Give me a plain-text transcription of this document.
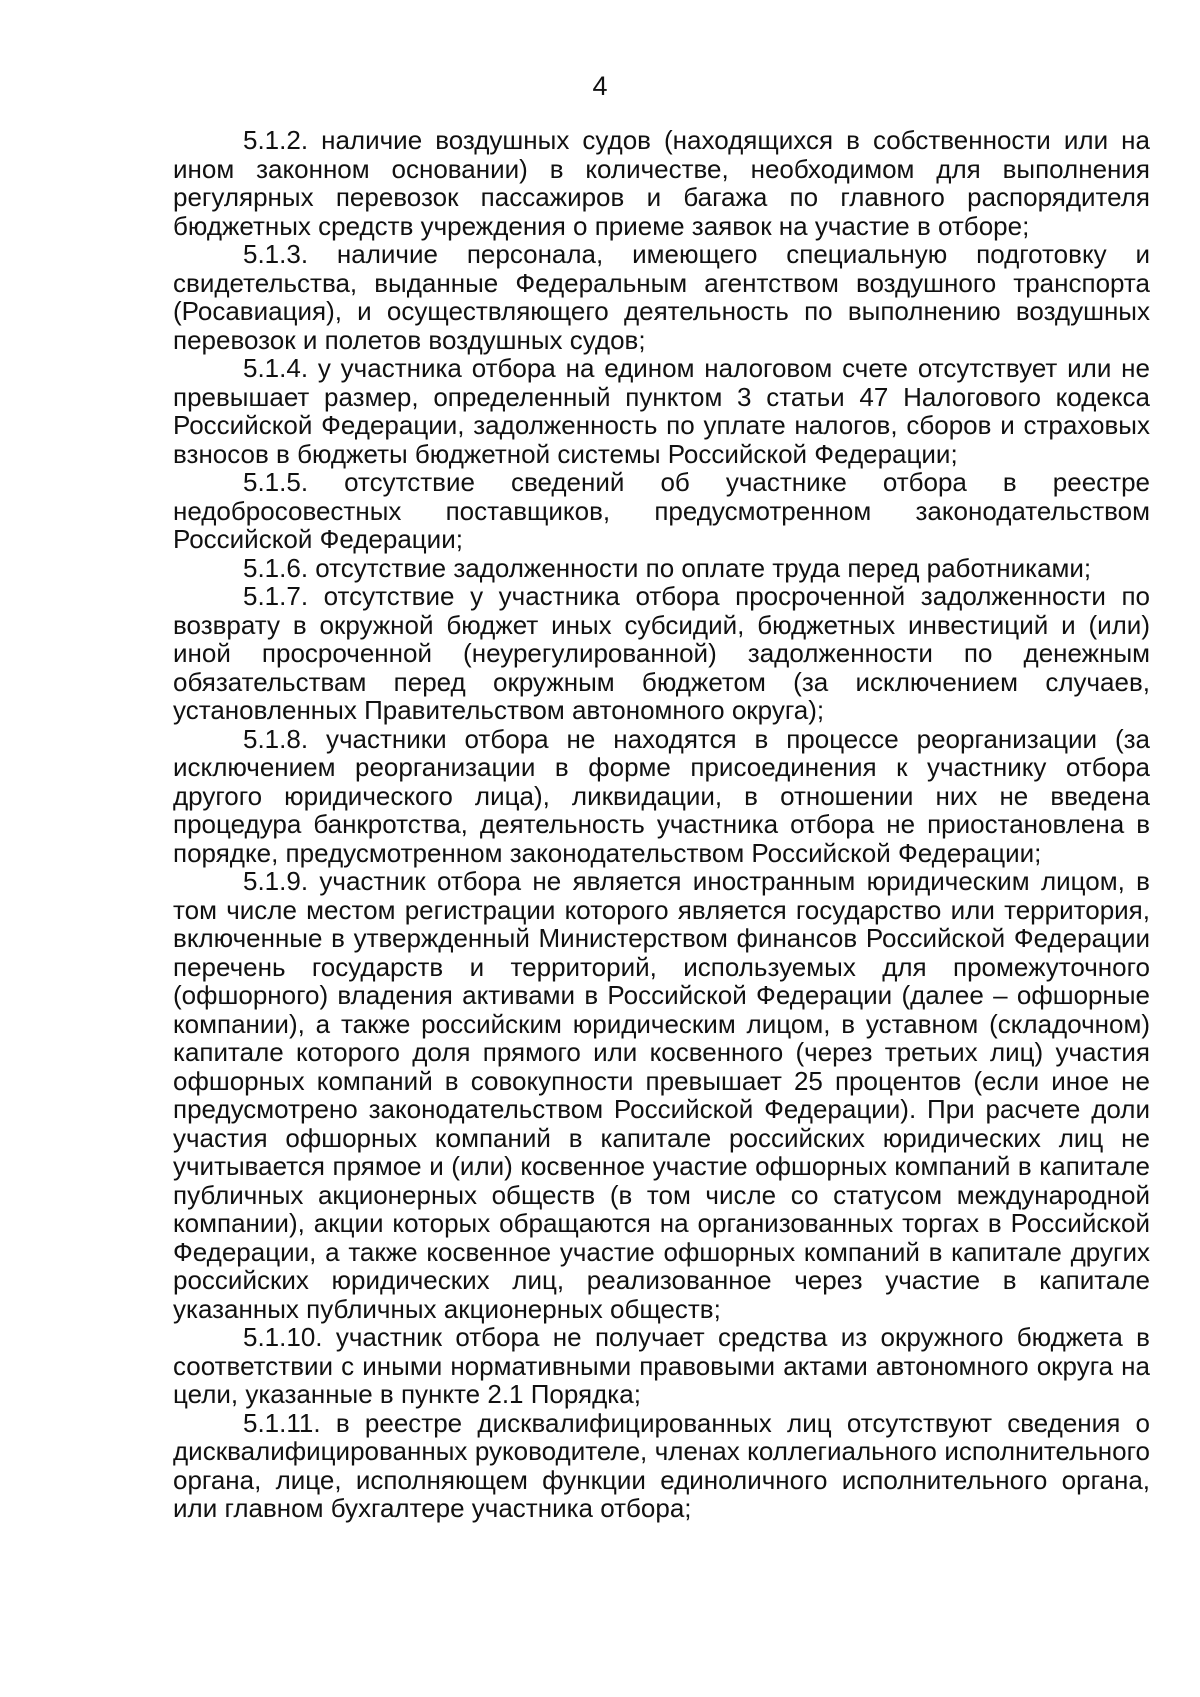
4

5.1.2. наличие воздушных судов (находящихся в собственности или на ином законном основании) в количестве, необходимом для выполнения регулярных перевозок пассажиров и багажа по главного распорядителя бюджетных средств учреждения о приеме заявок на участие в отборе;

5.1.3. наличие персонала, имеющего специальную подготовку и свидетельства, выданные Федеральным агентством воздушного транспорта (Росавиация), и осуществляющего деятельность по выполнению воздушных перевозок и полетов воздушных судов;

5.1.4. у участника отбора на едином налоговом счете отсутствует или не превышает размер, определенный пунктом 3 статьи 47 Налогового кодекса Российской Федерации, задолженность по уплате налогов, сборов и страховых взносов в бюджеты бюджетной системы Российской Федерации;

5.1.5. отсутствие сведений об участнике отбора в реестре недобросовестных поставщиков, предусмотренном законодательством Российской Федерации;

5.1.6. отсутствие задолженности по оплате труда перед работниками;

5.1.7. отсутствие у участника отбора просроченной задолженности по возврату в окружной бюджет иных субсидий, бюджетных инвестиций и (или) иной просроченной (неурегулированной) задолженности по денежным обязательствам перед окружным бюджетом (за исключением случаев, установленных Правительством автономного округа);

5.1.8. участники отбора не находятся в процессе реорганизации (за исключением реорганизации в форме присоединения к участнику отбора другого юридического лица), ликвидации, в отношении них не введена процедура банкротства, деятельность участника отбора не приостановлена в порядке, предусмотренном законодательством Российской Федерации;

5.1.9. участник отбора не является иностранным юридическим лицом, в том числе местом регистрации которого является государство или территория, включенные в утвержденный Министерством финансов Российской Федерации перечень государств и территорий, используемых для промежуточного (офшорного) владения активами в Российской Федерации (далее – офшорные компании), а также российским юридическим лицом, в уставном (складочном) капитале которого доля прямого или косвенного (через третьих лиц) участия офшорных компаний в совокупности превышает 25 процентов (если иное не предусмотрено законодательством Российской Федерации). При расчете доли участия офшорных компаний в капитале российских юридических лиц не учитывается прямое и (или) косвенное участие офшорных компаний в капитале публичных акционерных обществ (в том числе со статусом международной компании), акции которых обращаются на организованных торгах в Российской Федерации, а также косвенное участие офшорных компаний в капитале других российских юридических лиц, реализованное через участие в капитале указанных публичных акционерных обществ;

5.1.10. участник отбора не получает средства из окружного бюджета в соответствии с иными нормативными правовыми актами автономного округа на цели, указанные в пункте 2.1 Порядка;

5.1.11. в реестре дисквалифицированных лиц отсутствуют сведения о дисквалифицированных руководителе, членах коллегиального исполнительного органа, лице, исполняющем функции единоличного исполнительного органа, или главном бухгалтере участника отбора;
